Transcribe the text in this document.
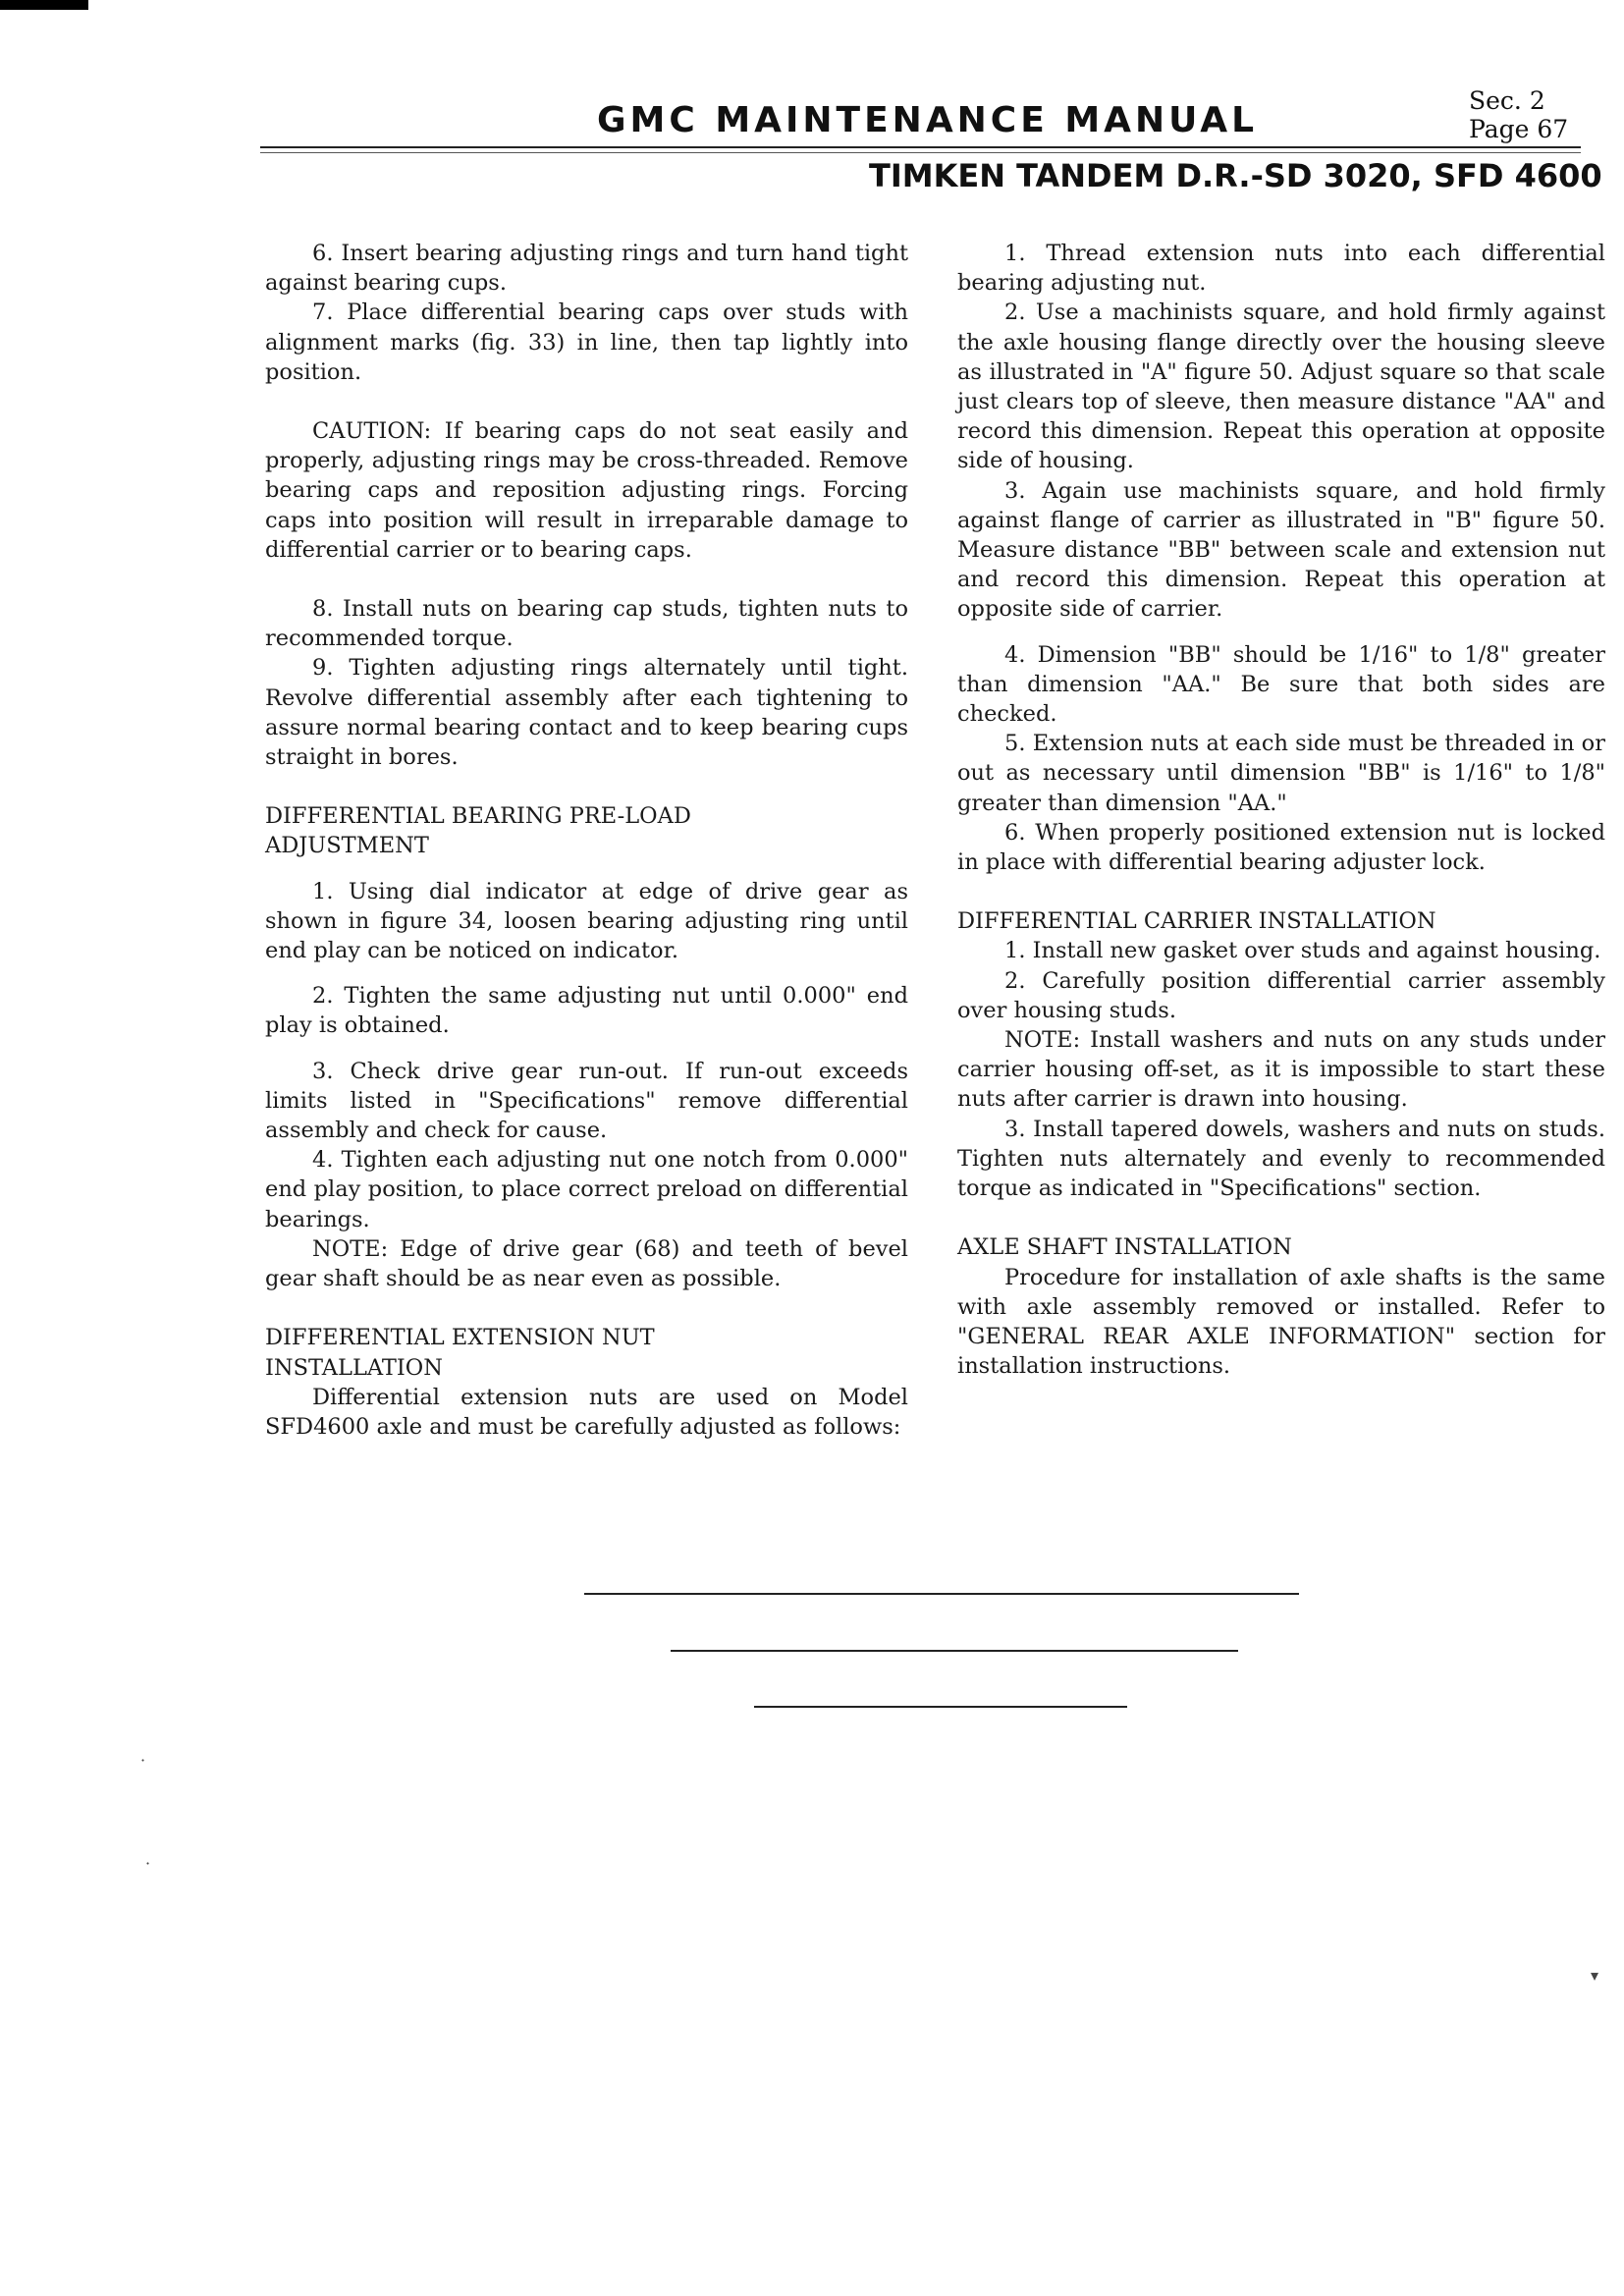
GMC MAINTENANCE MANUAL	Sec. 2
Page 67
TIMKEN TANDEM D.R.-SD 3020, SFD 4600

6. Insert bearing adjusting rings and turn hand tight against bearing cups.

7. Place differential bearing caps over studs with alignment marks (fig. 33) in line, then tap lightly into position.

CAUTION: If bearing caps do not seat easily and properly, adjusting rings may be cross-threaded. Remove bearing caps and reposition adjusting rings. Forcing caps into position will result in irreparable damage to differential carrier or to bearing caps.

8. Install nuts on bearing cap studs, tighten nuts to recommended torque.

9. Tighten adjusting rings alternately until tight. Revolve differential assembly after each tightening to assure normal bearing contact and to keep bearing cups straight in bores.

DIFFERENTIAL BEARING PRE-LOAD ADJUSTMENT

1. Using dial indicator at edge of drive gear as shown in figure 34, loosen bearing adjusting ring until end play can be noticed on indicator.

2. Tighten the same adjusting nut until 0.000" end play is obtained.

3. Check drive gear run-out. If run-out exceeds limits listed in "Specifications" remove differential assembly and check for cause.

4. Tighten each adjusting nut one notch from 0.000" end play position, to place correct preload on differential bearings.

NOTE: Edge of drive gear (68) and teeth of bevel gear shaft should be as near even as possible.

DIFFERENTIAL EXTENSION NUT INSTALLATION

Differential extension nuts are used on Model SFD4600 axle and must be carefully adjusted as follows:

1. Thread extension nuts into each differential bearing adjusting nut.

2. Use a machinists square, and hold firmly against the axle housing flange directly over the housing sleeve as illustrated in "A" figure 50. Adjust square so that scale just clears top of sleeve, then measure distance "AA" and record this dimension. Repeat this operation at opposite side of housing.

3. Again use machinists square, and hold firmly against flange of carrier as illustrated in "B" figure 50. Measure distance "BB" between scale and extension nut and record this dimension. Repeat this operation at opposite side of carrier.

4. Dimension "BB" should be 1/16" to 1/8" greater than dimension "AA." Be sure that both sides are checked.

5. Extension nuts at each side must be threaded in or out as necessary until dimension "BB" is 1/16" to 1/8" greater than dimension "AA."

6. When properly positioned extension nut is locked in place with differential bearing adjuster lock.

DIFFERENTIAL CARRIER INSTALLATION

1. Install new gasket over studs and against housing.

2. Carefully position differential carrier assembly over housing studs.

NOTE: Install washers and nuts on any studs under carrier housing off-set, as it is impossible to start these nuts after carrier is drawn into housing.

3. Install tapered dowels, washers and nuts on studs. Tighten nuts alternately and evenly to recommended torque as indicated in "Specifications" section.

AXLE SHAFT INSTALLATION

Procedure for installation of axle shafts is the same with axle assembly removed or installed. Refer to "GENERAL REAR AXLE INFORMATION" section for installation instructions.

·
·
▾
